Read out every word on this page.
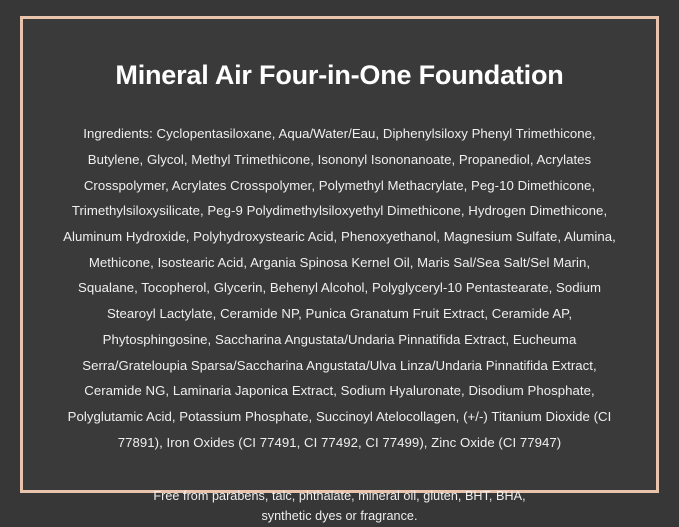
Mineral Air Four-in-One Foundation

Ingredients: Cyclopentasiloxane, Aqua/Water/Eau, Diphenylsiloxy Phenyl Trimethicone, Butylene, Glycol, Methyl Trimethicone, Isononyl Isononanoate, Propanediol, Acrylates Crosspolymer, Acrylates Crosspolymer, Polymethyl Methacrylate, Peg-10 Dimethicone, Trimethylsiloxysilicate, Peg-9 Polydimethylsiloxyethyl Dimethicone, Hydrogen Dimethicone, Aluminum Hydroxide, Polyhydroxystearic Acid, Phenoxyethanol, Magnesium Sulfate, Alumina, Methicone, Isostearic Acid, Argania Spinosa Kernel Oil, Maris Sal/Sea Salt/Sel Marin, Squalane, Tocopherol, Glycerin, Behenyl Alcohol, Polyglyceryl-10 Pentastearate, Sodium Stearoyl Lactylate, Ceramide NP, Punica Granatum Fruit Extract, Ceramide AP, Phytosphingosine, Saccharina Angustata/Undaria Pinnatifida Extract, Eucheuma Serra/Grateloupia Sparsa/Saccharina Angustata/Ulva Linza/Undaria Pinnatifida Extract, Ceramide NG, Laminaria Japonica Extract, Sodium Hyaluronate, Disodium Phosphate, Polyglutamic Acid, Potassium Phosphate, Succinoyl Atelocollagen, (+/-) Titanium Dioxide (CI 77891), Iron Oxides (CI 77491, CI 77492, CI 77499), Zinc Oxide (CI 77947)

Free from parabens, talc, phthalate, mineral oil, gluten, BHT, BHA,
synthetic dyes or fragrance.
